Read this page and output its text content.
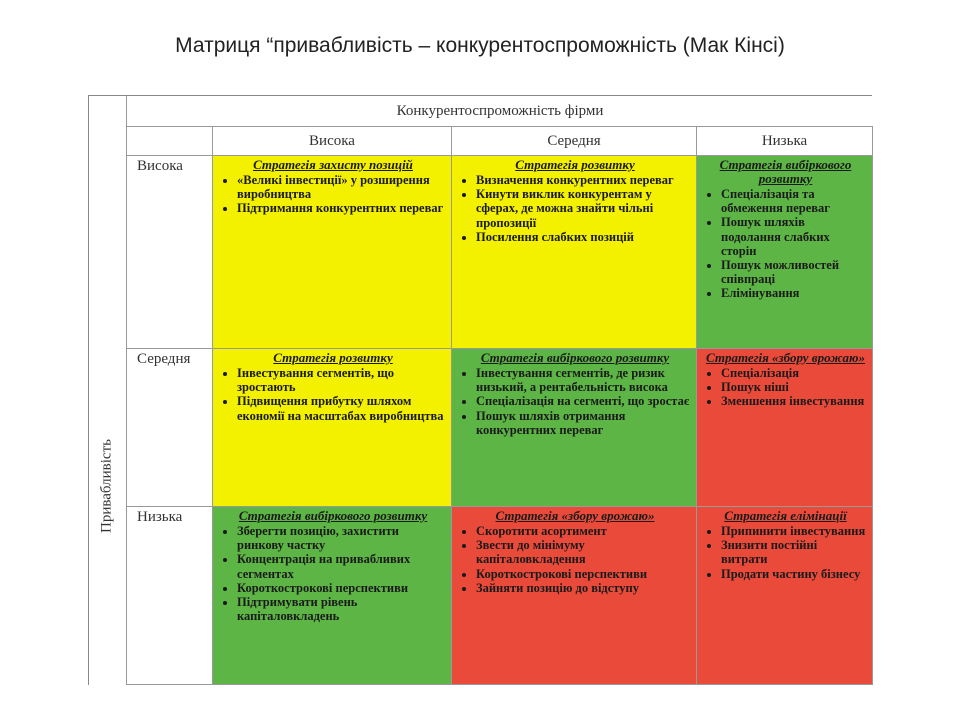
Матриця “привабливість – конкурентоспроможність (Мак Кінсі)
Привабливість
Конкурентоспроможність фірми
Висока	Середня	Низька
Висока
Середня
Низька
Стратегія захисту позицій
• «Великі інвестиції» у розширення виробництва
• Підтримання конкурентних переваг
Стратегія розвитку
• Визначення конкурентних переваг
• Кинути виклик конкурентам у сферах, де можна знайти чільні пропозиції
• Посилення слабких позицій
Стратегія вибіркового розвитку
• Спеціалізація та обмеження переваг
• Пошук шляхів подолання слабких сторін
• Пошук можливостей співпраці
• Елімінування
Стратегія розвитку
• Інвестування сегментів, що зростають
• Підвищення прибутку шляхом економії на масштабах виробництва
Стратегія вибіркового розвитку
• Інвестування сегментів, де ризик низький, а рентабельність висока
• Спеціалізація на сегменті, що зростає
• Пошук шляхів отримання конкурентних переваг
Стратегія «збору врожаю»
• Спеціалізація
• Пошук ніші
• Зменшення інвестування
Стратегія вибіркового розвитку
• Зберегти позицію, захистити ринкову частку
• Концентрація на привабливих сегментах
• Короткострокові перспективи
• Підтримувати рівень капіталовкладень
Стратегія «збору врожаю»
• Скоротити асортимент
• Звести до мінімуму капіталовкладення
• Короткострокові перспективи
• Зайняти позицію до відступу
Стратегія елімінації
• Припинити інвестування
• Знизити постійні витрати
• Продати частину бізнесу
